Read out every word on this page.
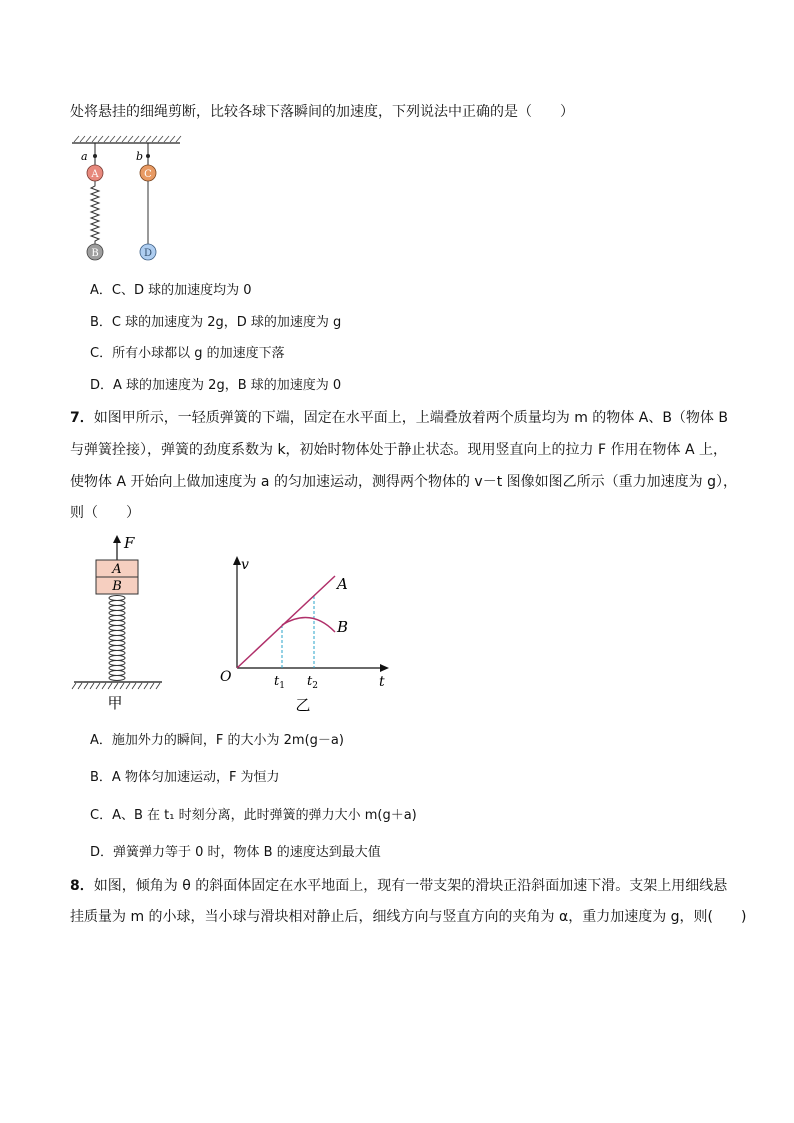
处将悬挂的细绳剪断，比较各球下落瞬间的加速度，下列说法中正确的是（　　）
a
A
B
b
C
D
A．C、D 球的加速度均为 0
B．C 球的加速度为 2g，D 球的加速度为 g
C．所有小球都以 g 的加速度下落
D．A 球的加速度为 2g，B 球的加速度为 0
7．如图甲所示，一轻质弹簧的下端，固定在水平面上，上端叠放着两个质量均为 m 的物体 A、B（物体 B
与弹簧拴接），弹簧的劲度系数为 k，初始时物体处于静止状态。现用竖直向上的拉力 F 作用在物体 A 上，
使物体 A 开始向上做加速度为 a 的匀加速运动，测得两个物体的 v－t 图像如图乙所示（重力加速度为 g），
则（　　）
F
A
B
甲
v
t
O
A
B
$t_1$ $t_2$
乙
A．施加外力的瞬间，F 的大小为 2m(g－a)
B．A 物体匀加速运动，F 为恒力
C．A、B 在 t₁ 时刻分离，此时弹簧的弹力大小 m(g＋a)
D．弹簧弹力等于 0 时，物体 B 的速度达到最大值
8．如图，倾角为 θ 的斜面体固定在水平地面上，现有一带支架的滑块正沿斜面加速下滑。支架上用细线悬
挂质量为 m 的小球，当小球与滑块相对静止后，细线方向与竖直方向的夹角为 α，重力加速度为 g，则(　　)
